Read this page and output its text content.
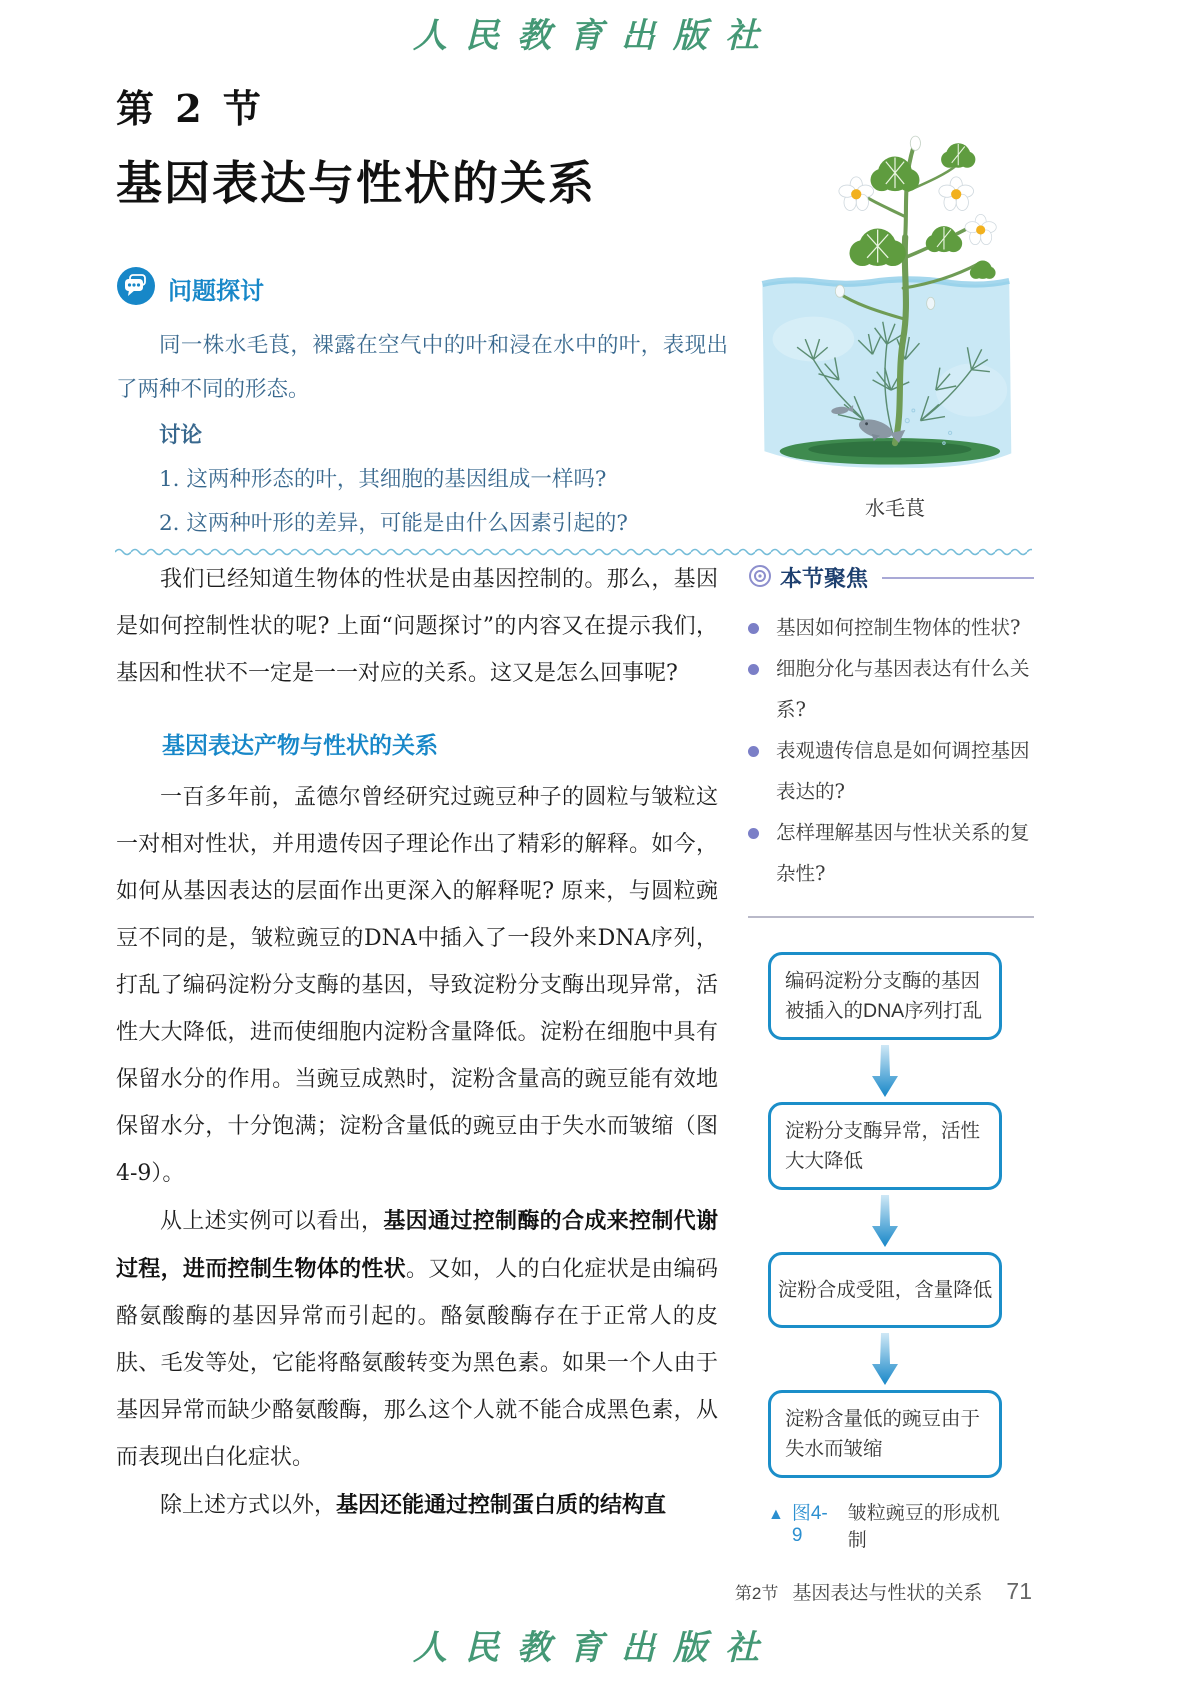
人民教育出版社
第 2 节
基因表达与性状的关系
问题探讨
同一株水毛茛，裸露在空气中的叶和浸在水中的叶，表现出了两种不同的形态。
讨论
1. 这两种形态的叶，其细胞的基因组成一样吗?
2. 这两种叶形的差异，可能是由什么因素引起的?
水毛茛
我们已经知道生物体的性状是由基因控制的。那么，基因是如何控制性状的呢? 上面“问题探讨”的内容又在提示我们，基因和性状不一定是一一对应的关系。这又是怎么回事呢?
基因表达产物与性状的关系
一百多年前，孟德尔曾经研究过豌豆种子的圆粒与皱粒这一对相对性状，并用遗传因子理论作出了精彩的解释。如今，如何从基因表达的层面作出更深入的解释呢? 原来，与圆粒豌豆不同的是，皱粒豌豆的DNA中插入了一段外来DNA序列，打乱了编码淀粉分支酶的基因，导致淀粉分支酶出现异常，活性大大降低，进而使细胞内淀粉含量降低。淀粉在细胞中具有保留水分的作用。当豌豆成熟时，淀粉含量高的豌豆能有效地保留水分，十分饱满；淀粉含量低的豌豆由于失水而皱缩（图4-9）。
从上述实例可以看出，基因通过控制酶的合成来控制代谢过程，进而控制生物体的性状。又如，人的白化症状是由编码酪氨酸酶的基因异常而引起的。酪氨酸酶存在于正常人的皮肤、毛发等处，它能将酪氨酸转变为黑色素。如果一个人由于基因异常而缺少酪氨酸酶，那么这个人就不能合成黑色素，从而表现出白化症状。
除上述方式以外，基因还能通过控制蛋白质的结构直
本节聚焦
基因如何控制生物体的性状?
细胞分化与基因表达有什么关系?
表观遗传信息是如何调控基因表达的?
怎样理解基因与性状关系的复杂性?
编码淀粉分支酶的基因被插入的DNA序列打乱
淀粉分支酶异常，活性大大降低
淀粉合成受阻，含量降低
淀粉含量低的豌豆由于失水而皱缩
▲ 图4-9
皱粒豌豆的形成机制
第2节 基因表达与性状的关系 71
人民教育出版社
